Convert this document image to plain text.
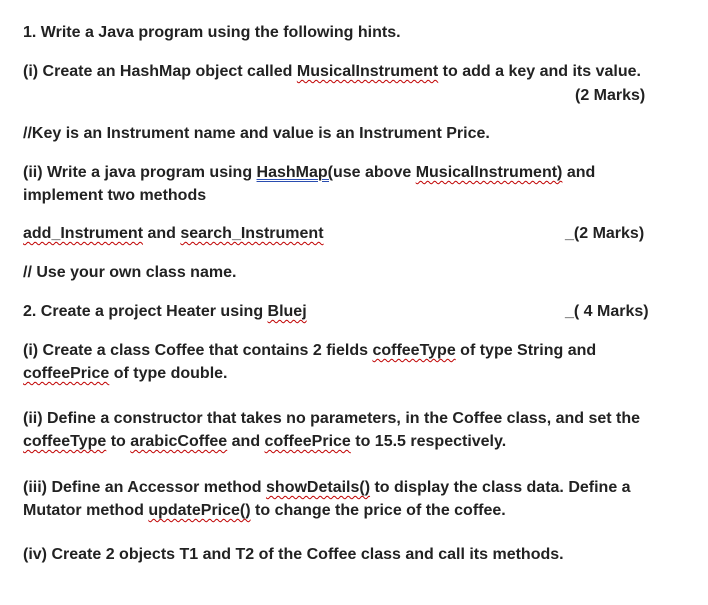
1. Write a Java program using the following hints.
(i) Create an HashMap object called MusicalInstrument to add a key and its value.
(2 Marks)
//Key is an Instrument name and value is an Instrument Price.
(ii) Write a java program using HashMap(use above MusicalInstrument) and
implement two methods
add_Instrument and search_Instrument	_(2 Marks)
// Use your own class name.
2. Create a project Heater using Bluej	_( 4 Marks)
(i) Create a class Coffee that contains 2 fields coffeeType of type String and
coffeePrice of type double.
(ii) Define a constructor that takes no parameters, in the Coffee class, and set the
coffeeType to arabicCoffee and coffeePrice to 15.5 respectively.
(iii) Define an Accessor method showDetails() to display the class data. Define a
Mutator method updatePrice() to change the price of the coffee.
(iv) Create 2 objects T1 and T2 of the Coffee class and call its methods.
